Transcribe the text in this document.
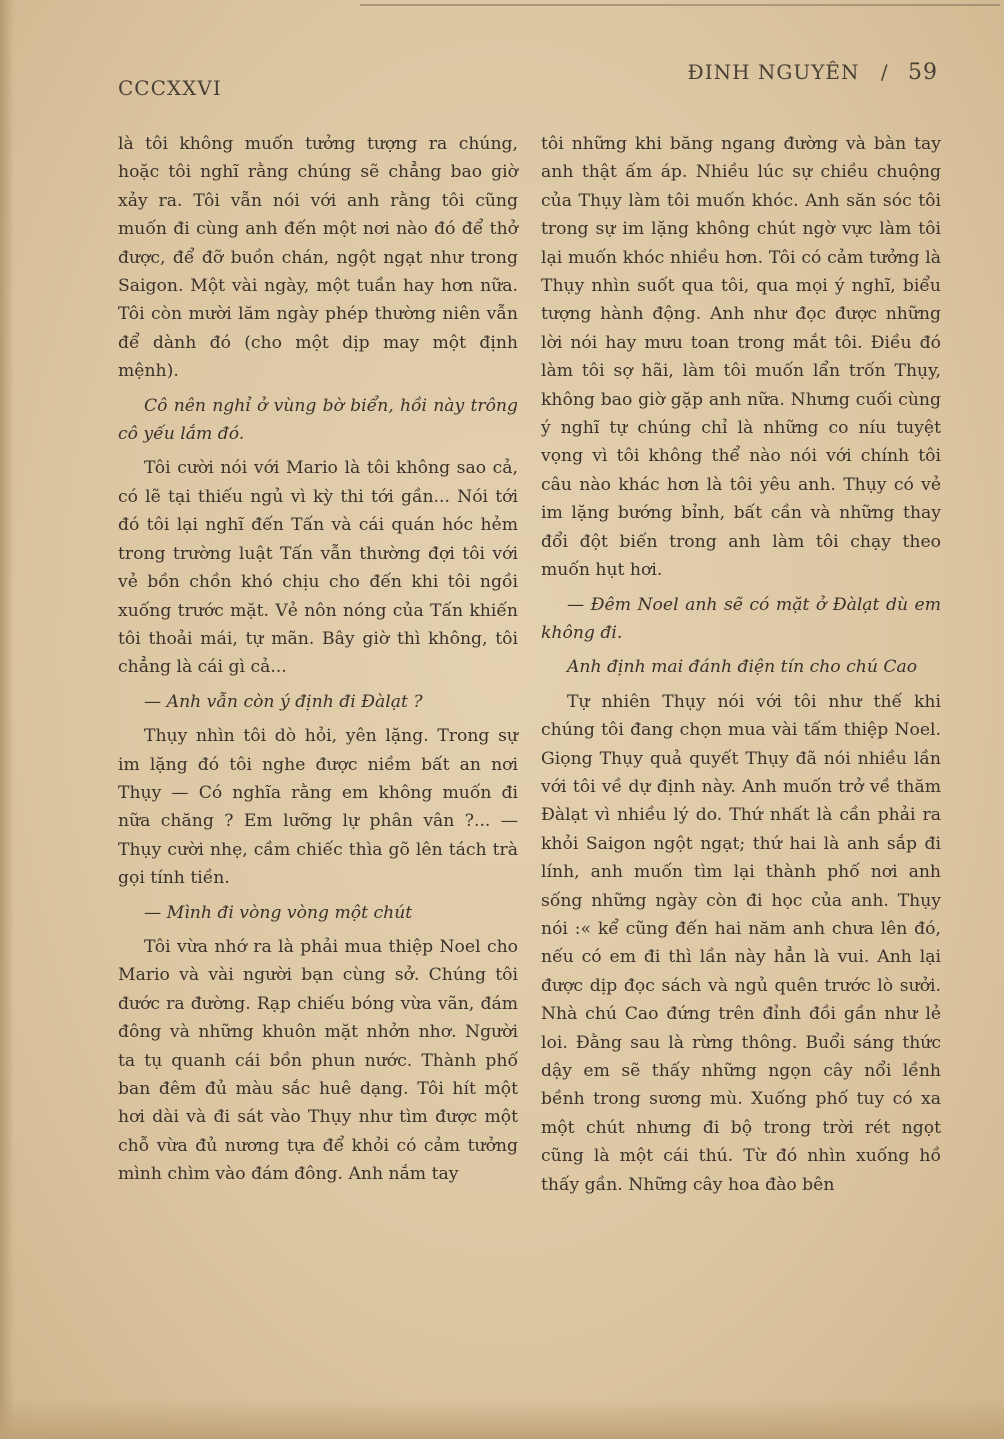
CCCXXVI
ĐINH NGUYÊN / 59

là tôi không muốn tưởng tượng ra chúng, hoặc tôi nghĩ rằng chúng sẽ chẳng bao giờ xảy ra. Tôi vẫn nói với anh rằng tôi cũng muốn đi cùng anh đến một nơi nào đó để thở được, để đỡ buồn chán, ngột ngạt như trong Saigon. Một vài ngày, một tuần hay hơn nữa. Tôi còn mười lăm ngày phép thường niên vẫn để dành đó (cho một dịp may một định mệnh).

Cô nên nghỉ ở vùng bờ biển, hồi này trông cô yếu lắm đó.

Tôi cười nói với Mario là tôi không sao cả, có lẽ tại thiếu ngủ vì kỳ thi tới gần... Nói tới đó tôi lại nghĩ đến Tấn và cái quán hóc hẻm trong trường luật Tấn vẫn thường đợi tôi với vẻ bồn chồn khó chịu cho đến khi tôi ngồi xuống trước mặt. Vẻ nôn nóng của Tấn khiến tôi thoải mái, tự mãn. Bây giờ thì không, tôi chẳng là cái gì cả...

— Anh vẫn còn ý định đi Đàlạt ?

Thụy nhìn tôi dò hỏi, yên lặng. Trong sự im lặng đó tôi nghe được niềm bất an nơi Thụy — Có nghĩa rằng em không muốn đi nữa chăng ? Em lưỡng lự phân vân ?... — Thụy cười nhẹ, cầm chiếc thìa gõ lên tách trà gọi tính tiền.

— Mình đi vòng vòng một chút

Tôi vừa nhớ ra là phải mua thiệp Noel cho Mario và vài người bạn cùng sở. Chúng tôi đước ra đường. Rạp chiếu bóng vừa vãn, đám đông và những khuôn mặt nhởn nhơ. Người ta tụ quanh cái bồn phun nước. Thành phố ban đêm đủ màu sắc huê dạng. Tôi hít một hơi dài và đi sát vào Thụy như tìm được một chỗ vừa đủ nương tựa để khỏi có cảm tưởng mình chìm vào đám đông. Anh nắm tay

tôi những khi băng ngang đường và bàn tay anh thật ấm áp. Nhiều lúc sự chiều chuộng của Thụy làm tôi muốn khóc. Anh săn sóc tôi trong sự im lặng không chút ngờ vực làm tôi lại muốn khóc nhiều hơn. Tôi có cảm tưởng là Thụy nhìn suốt qua tôi, qua mọi ý nghĩ, biểu tượng hành động. Anh như đọc được những lời nói hay mưu toan trong mắt tôi. Điều đó làm tôi sợ hãi, làm tôi muốn lẩn trốn Thụy, không bao giờ gặp anh nữa. Nhưng cuối cùng ý nghĩ tự chúng chỉ là những co níu tuyệt vọng vì tôi không thể nào nói với chính tôi câu nào khác hơn là tôi yêu anh. Thụy có vẻ im lặng bướng bỉnh, bất cần và những thay đổi đột biến trong anh làm tôi chạy theo muốn hụt hơi.

— Đêm Noel anh sẽ có mặt ở Đàlạt dù em không đi.

Anh định mai đánh điện tín cho chú Cao

Tự nhiên Thụy nói với tôi như thế khi chúng tôi đang chọn mua vài tấm thiệp Noel. Giọng Thụy quả quyết Thụy đã nói nhiều lần với tôi về dự định này. Anh muốn trở về thăm Đàlạt vì nhiều lý do. Thứ nhất là cần phải ra khỏi Saigon ngột ngạt; thứ hai là anh sắp đi lính, anh muốn tìm lại thành phố nơi anh sống những ngày còn đi học của anh. Thụy nói :« kể cũng đến hai năm anh chưa lên đó, nếu có em đi thì lần này hẳn là vui. Anh lại được dịp đọc sách và ngủ quên trước lò sưởi. Nhà chú Cao đứng trên đỉnh đồi gần như lẻ loi. Đằng sau là rừng thông. Buổi sáng thức dậy em sẽ thấy những ngọn cây nổi lềnh bềnh trong sương mù. Xuống phố tuy có xa một chút nhưng đi bộ trong trời rét ngọt cũng là một cái thú. Từ đó nhìn xuống hồ thấy gần. Những cây hoa đào bên
